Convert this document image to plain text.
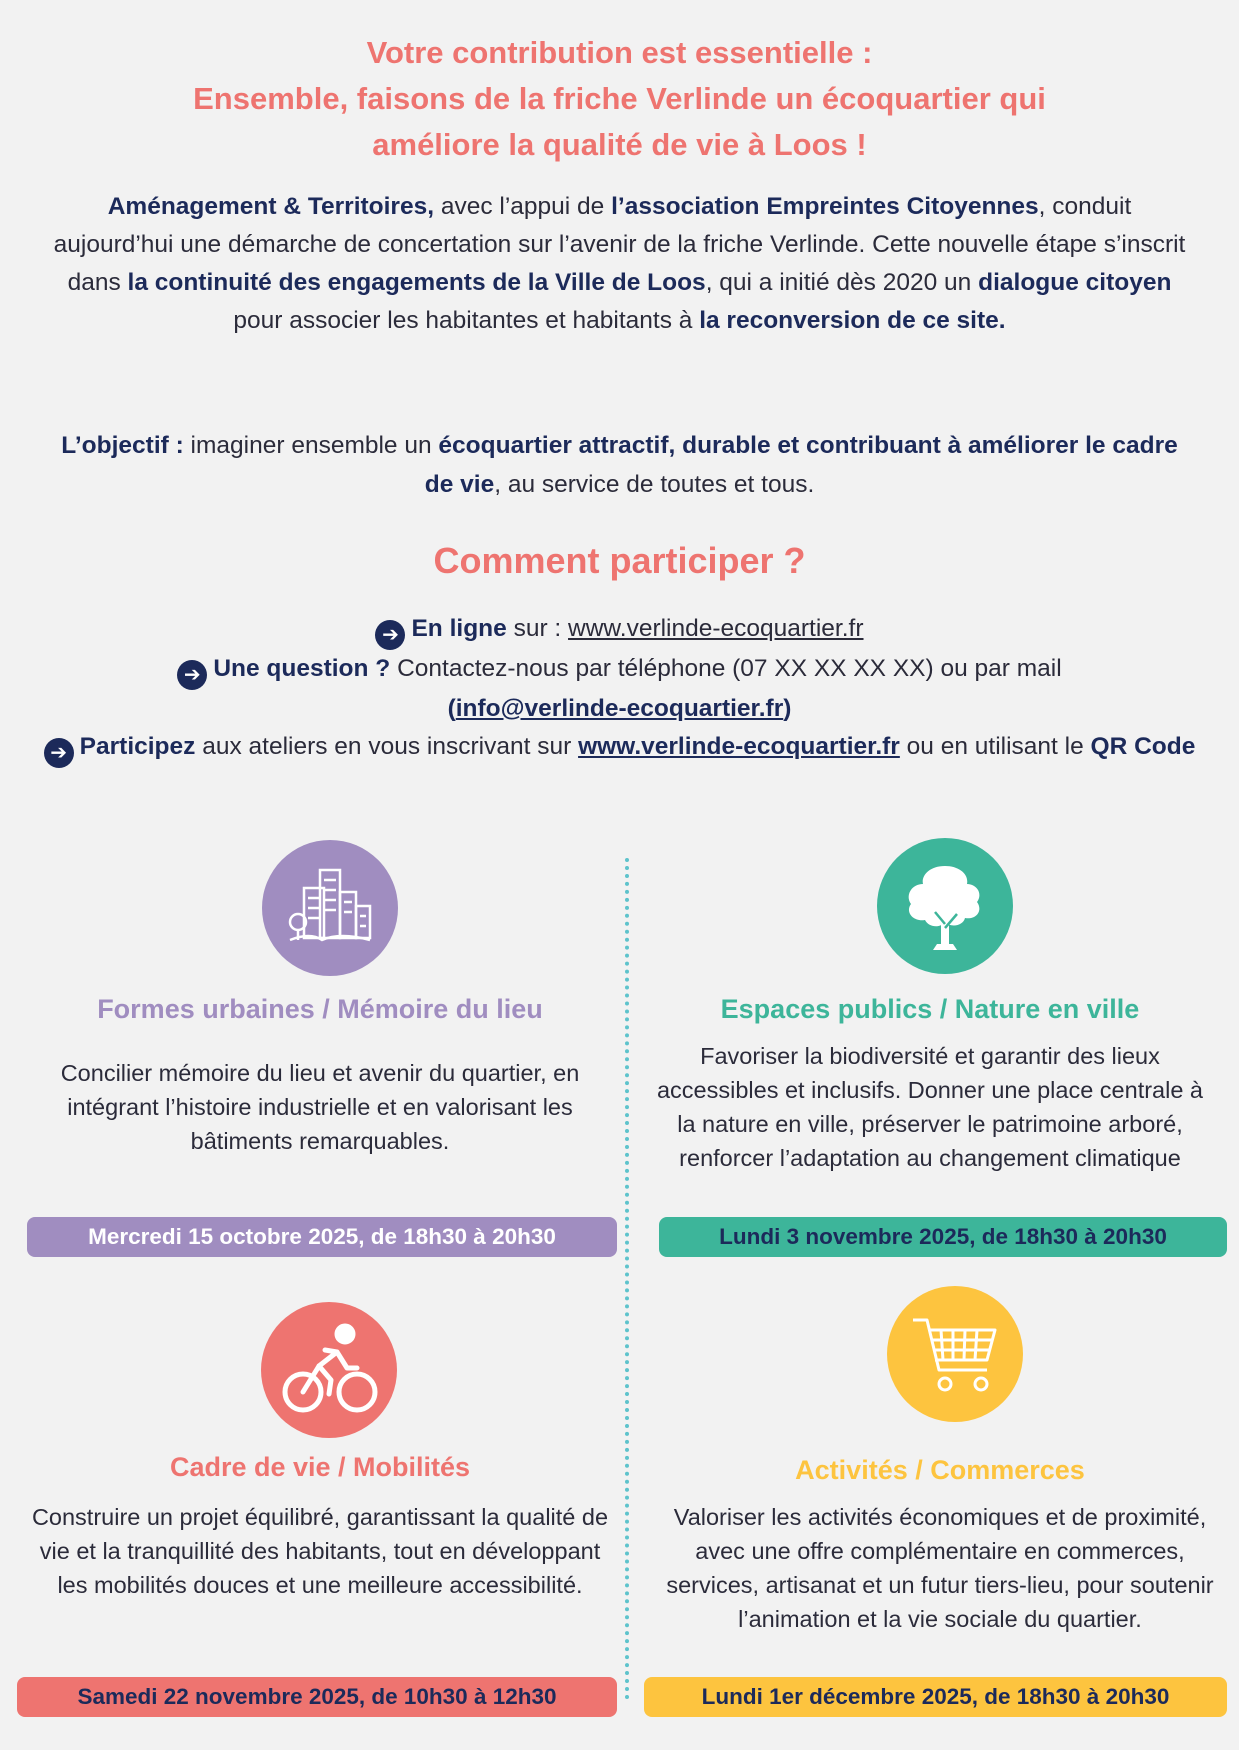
Votre contribution est essentielle :
Ensemble, faisons de la friche Verlinde un écoquartier qui
améliore la qualité de vie à Loos !
Aménagement & Territoires, avec l’appui de l’association Empreintes Citoyennes, conduit aujourd’hui une démarche de concertation sur l’avenir de la friche Verlinde. Cette nouvelle étape s’inscrit dans la continuité des engagements de la Ville de Loos, qui a initié dès 2020 un dialogue citoyen pour associer les habitantes et habitants à la reconversion de ce site.
L’objectif : imaginer ensemble un écoquartier attractif, durable et contribuant à améliorer le cadre de vie, au service de toutes et tous.
Comment participer ?
➔ En ligne sur : www.verlinde-ecoquartier.fr
➔ Une question ? Contactez-nous par téléphone (07 XX XX XX XX) ou par mail
(info@verlinde-ecoquartier.fr)
➔ Participez aux ateliers en vous inscrivant sur www.verlinde-ecoquartier.fr ou en utilisant le QR Code
Formes urbaines / Mémoire du lieu
Concilier mémoire du lieu et avenir du quartier, en intégrant l’histoire industrielle et en valorisant les bâtiments remarquables.
Mercredi 15 octobre 2025, de 18h30 à 20h30
Espaces publics / Nature en ville
Favoriser la biodiversité et garantir des lieux accessibles et inclusifs. Donner une place centrale à la nature en ville, préserver le patrimoine arboré, renforcer l’adaptation au changement climatique
Lundi 3 novembre 2025, de 18h30 à 20h30
Cadre de vie / Mobilités
Construire un projet équilibré, garantissant la qualité de vie et la tranquillité des habitants, tout en développant les mobilités douces et une meilleure accessibilité.
Samedi 22 novembre 2025, de 10h30 à 12h30
Activités / Commerces
Valoriser les activités économiques et de proximité, avec une offre complémentaire en commerces, services, artisanat et un futur tiers-lieu, pour soutenir l’animation et la vie sociale du quartier.
Lundi 1er décembre 2025, de 18h30 à 20h30
